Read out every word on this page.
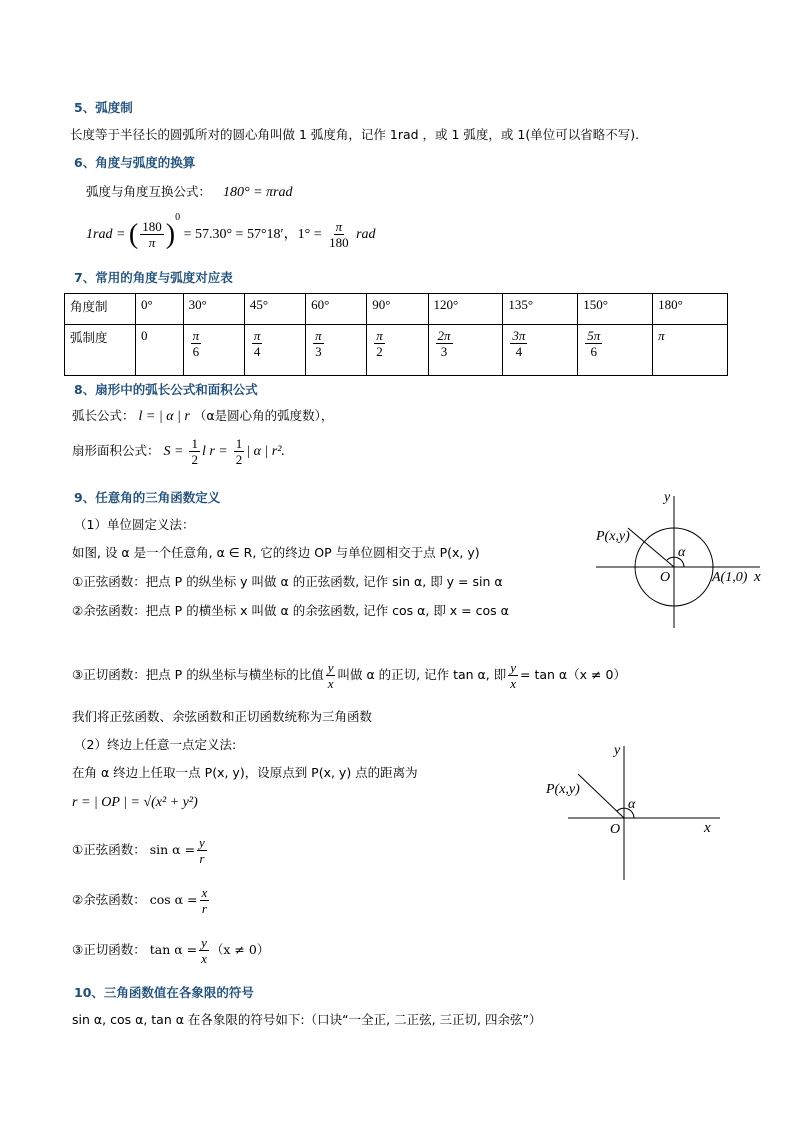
5、弧度制
长度等于半径长的圆弧所对的圆心角叫做 1 弧度角，记作 1rad ，或 1 弧度，或 1(单位可以省略不写).
6、角度与弧度的换算
弧度与角度互换公式： 180° = πrad
1rad = ( $\frac{180}{\pi} )^0 = 57.30^\circ = 57^\circ 18'$，$1^\circ = \frac{\pi}{180}$ rad
7、常用的角度与弧度对应表
角度制	0°	30°	45°	60°	90°	120°	135°	150°	180°
弧制度	0	$\frac{\pi}{6}$	$\frac{\pi}{4}$	$\frac{\pi}{3}$	$\frac{\pi}{2}$	$\frac{2\pi}{3}$	$\frac{3\pi}{4}$	$\frac{5\pi}{6}$	π
8、扇形中的弧长公式和面积公式
弧长公式： l = | α | r （α是圆心角的弧度数），
扇形面积公式： $S = \frac{1}{2}$ l $r = \frac{1}{2}$ | α | r².
9、任意角的三角函数定义
（1）单位圆定义法：
如图, 设 α 是一个任意角, α ∈ R, 它的终边 OP 与单位圆相交于点 P(x, y)
①正弦函数：把点 P 的纵坐标 y 叫做 α 的正弦函数, 记作 sin α, 即 y = sin α
②余弦函数：把点 P 的横坐标 x 叫做 α 的余弦函数, 记作 cos α, 即 x = cos α
y
x
P(x,y)
α
O	A(1,0)
③正切函数：把点 P 的纵坐标与横坐标的比值 $\frac{y}{x}$ 叫做 α 的正切, 记作 tan α, 即 $\frac{y}{x} = \tan \alpha(x \ne 0)$
我们将正弦函数、余弦函数和正切函数统称为三角函数
（2）终边上任意一点定义法:
在角 α 终边上任取一点 P(x, y)，设原点到 P(x, y) 点的距离为
r = | OP | = √(x² + y²)
y
x
P(x,y)
α
O
①正弦函数： $\sin \alpha = \frac{y}{r}$
②余弦函数： $\cos \alpha = \frac{x}{r}$
③正切函数： $\tan \alpha = \frac{y}{x} (x \ne 0)$
10、三角函数值在各象限的符号
sin α, cos α, tan α 在各象限的符号如下:（口诀“一全正, 二正弦, 三正切, 四余弦”）
